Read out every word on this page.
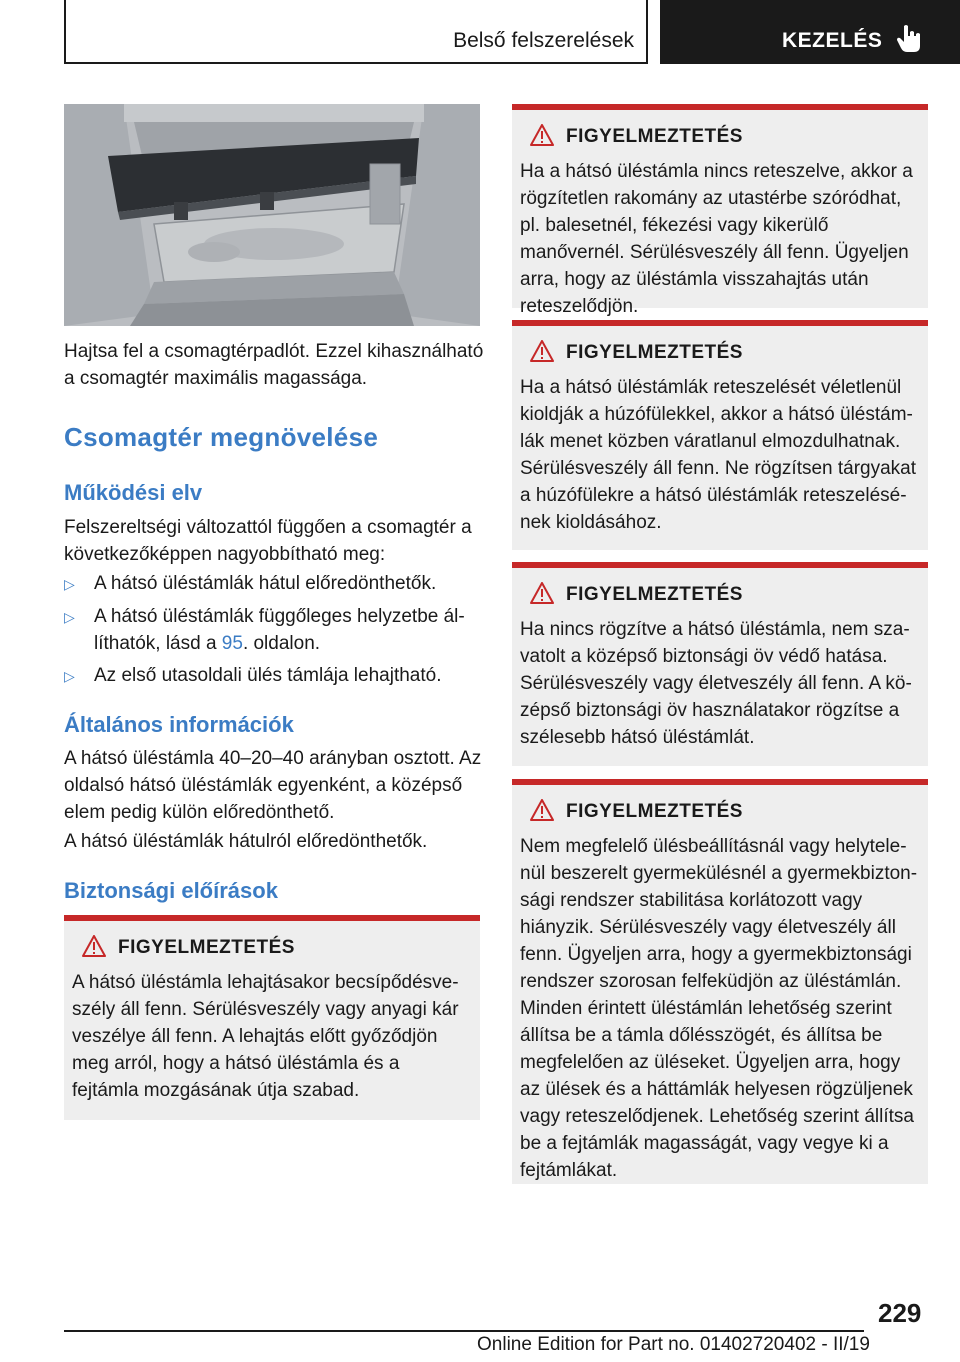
Belső felszerelések	KEZELÉS
Hajtsa fel a csomagtérpadlót. Ezzel kihasználható a csomagtér maximális magassága.
Csomagtér megnövelése
Működési elv
Felszereltségi változattól függően a csomagtér a következőképpen nagyobbítható meg:
▷ A hátsó üléstámlák hátul előredönthetők.
▷ A hátsó üléstámlák függőleges helyzetbe állíthatók, lásd a 95. oldalon.
▷ Az első utasoldali ülés támlája lehajtható.
Általános információk
A hátsó üléstámla 40–20–40 arányban osztott. Az oldalsó hátsó üléstámlák egyenként, a középső elem pedig külön előredönthető.
A hátsó üléstámlák hátulról előredönthetők.
Biztonsági előírások
FIGYELMEZTETÉS
A hátsó üléstámla lehajtásakor becsípődésveszély áll fenn. Sérülésveszély vagy anyagi kár veszélye áll fenn. A lehajtás előtt győződjön meg arról, hogy a hátsó üléstámla és a fejtámla mozgásának útja szabad.
FIGYELMEZTETÉS
Ha a hátsó üléstámla nincs reteszelve, akkor a rögzítetlen rakomány az utastérbe szóródhat, pl. balesetnél, fékezési vagy kikerülő manővernél. Sérülésveszély áll fenn. Ügyeljen arra, hogy az üléstámla visszahajtás után reteszelődjön.
FIGYELMEZTETÉS
Ha a hátsó üléstámlák reteszelését véletlenül kioldják a húzófülekkel, akkor a hátsó üléstámlák menet közben váratlanul elmozdulhatnak. Sérülésveszély áll fenn. Ne rögzítsen tárgyakat a húzófülekre a hátsó üléstámlák reteszelésének kioldásához.
FIGYELMEZTETÉS
Ha nincs rögzítve a hátsó üléstámla, nem szavatolt a középső biztonsági öv védő hatása. Sérülésveszély vagy életveszély áll fenn. A középső biztonsági öv használatakor rögzítse a szélesebb hátsó üléstámlát.
FIGYELMEZTETÉS
Nem megfelelő ülésbeállításnál vagy helytelenül beszerelt gyermekülésnél a gyermekbiztonsági rendszer stabilitása korlátozott vagy hiányzik. Sérülésveszély vagy életveszély áll fenn. Ügyeljen arra, hogy a gyermekbiztonsági rendszer szorosan felfeküdjön az üléstámlán. Minden érintett üléstámlán lehetőség szerint állítsa be a támla dőlésszögét, és állítsa be megfelelően az üléseket. Ügyeljen arra, hogy az ülések és a háttámlák helyesen rögzüljenek vagy reteszelődjenek. Lehetőség szerint állítsa be a fejtámlák magasságát, vagy vegye ki a fejtámlákat.
229
Online Edition for Part no. 01402720402 - II/19
